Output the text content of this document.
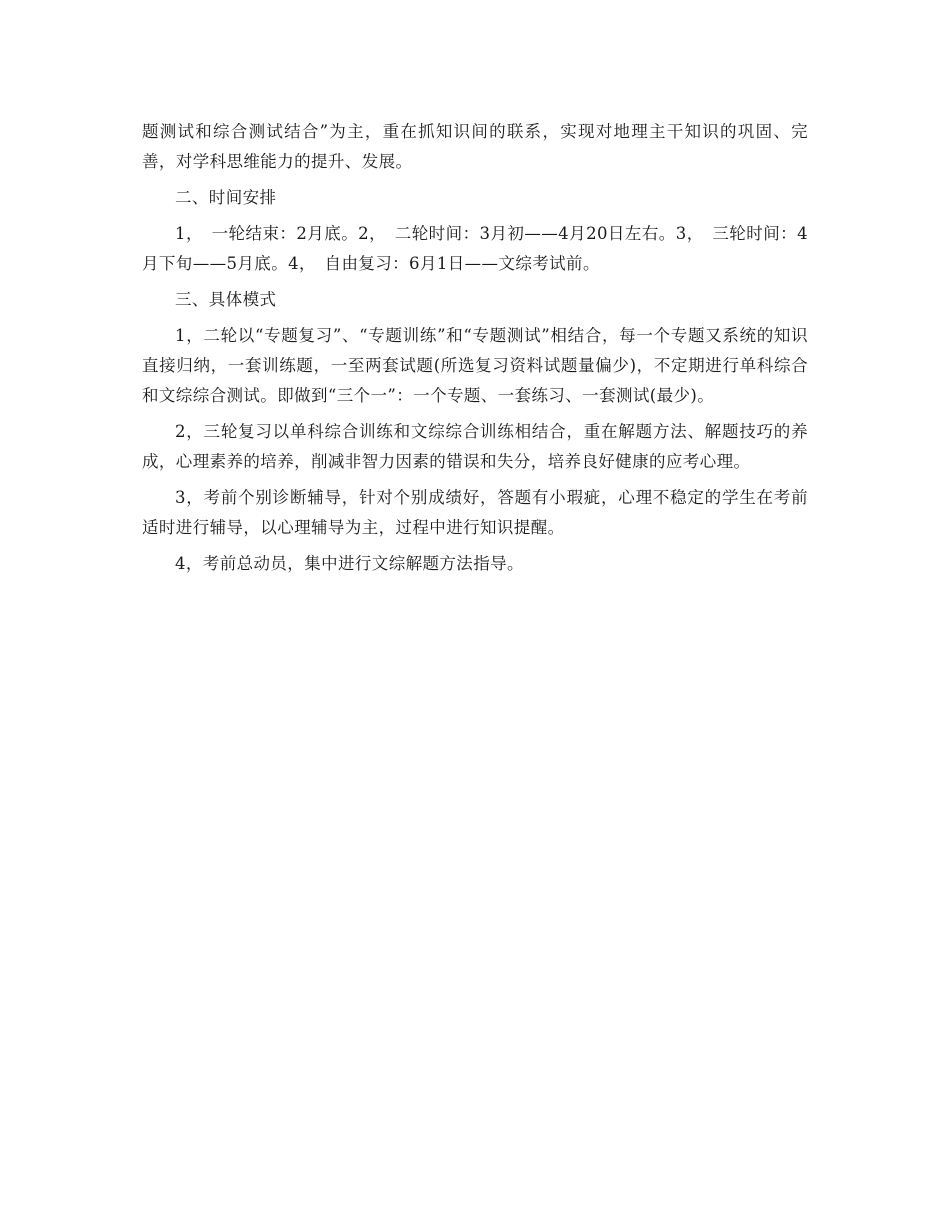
题测试和综合测试结合”为主，重在抓知识间的联系，实现对地理主干知识的巩固、完善，对学科思维能力的提升、发展。

二、时间安排

1，　一轮结束：2月底。2，　二轮时间：3月初——4月20日左右。3，　三轮时间：4月下旬——5月底。4，　自由复习：6月1日——文综考试前。

三、具体模式

1，二轮以“专题复习”、“专题训练”和“专题测试”相结合，每一个专题又系统的知识直接归纳，一套训练题，一至两套试题(所选复习资料试题量偏少)，不定期进行单科综合和文综综合测试。即做到“三个一”：一个专题、一套练习、一套测试(最少)。

2，三轮复习以单科综合训练和文综综合训练相结合，重在解题方法、解题技巧的养成，心理素养的培养，削减非智力因素的错误和失分，培养良好健康的应考心理。

3，考前个别诊断辅导，针对个别成绩好，答题有小瑕疵，心理不稳定的学生在考前适时进行辅导，以心理辅导为主，过程中进行知识提醒。

4，考前总动员，集中进行文综解题方法指导。
